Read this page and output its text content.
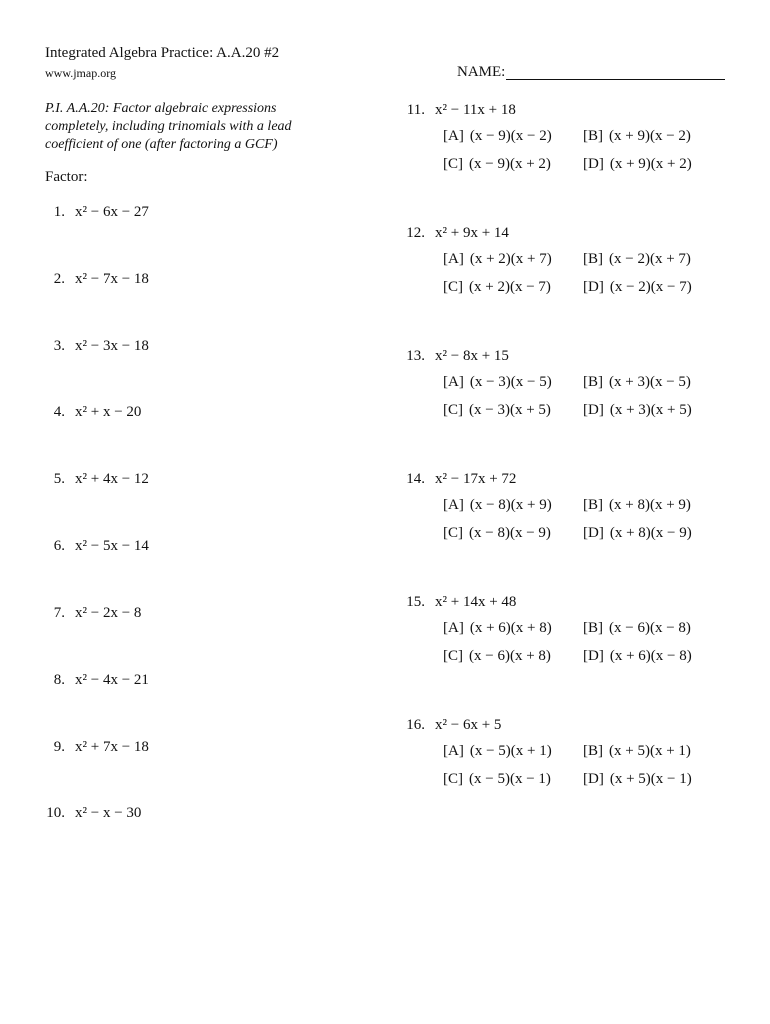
Integrated Algebra Practice: A.A.20 #2
www.jmap.org	NAME:
P.I. A.A.20: Factor algebraic expressions
completely, including trinomials with a lead
coefficient of one (after factoring a GCF)
Factor:
1. x² − 6x − 27
2. x² − 7x − 18
3. x² − 3x − 18
4. x² + x − 20
5. x² + 4x − 12
6. x² − 5x − 14
7. x² − 2x − 8
8. x² − 4x − 21
9. x² + 7x − 18
10. x² − x − 30
11. x² − 11x + 18
[A] (x − 9)(x − 2) [B] (x + 9)(x − 2)
[C] (x − 9)(x + 2) [D] (x + 9)(x + 2)
12. x² + 9x + 14
[A] (x + 2)(x + 7) [B] (x − 2)(x + 7)
[C] (x + 2)(x − 7) [D] (x − 2)(x − 7)
13. x² − 8x + 15
[A] (x − 3)(x − 5) [B] (x + 3)(x − 5)
[C] (x − 3)(x + 5) [D] (x + 3)(x + 5)
14. x² − 17x + 72
[A] (x − 8)(x + 9) [B] (x + 8)(x + 9)
[C] (x − 8)(x − 9) [D] (x + 8)(x − 9)
15. x² + 14x + 48
[A] (x + 6)(x + 8) [B] (x − 6)(x − 8)
[C] (x − 6)(x + 8) [D] (x + 6)(x − 8)
16. x² − 6x + 5
[A] (x − 5)(x + 1) [B] (x + 5)(x + 1)
[C] (x − 5)(x − 1) [D] (x + 5)(x − 1)
